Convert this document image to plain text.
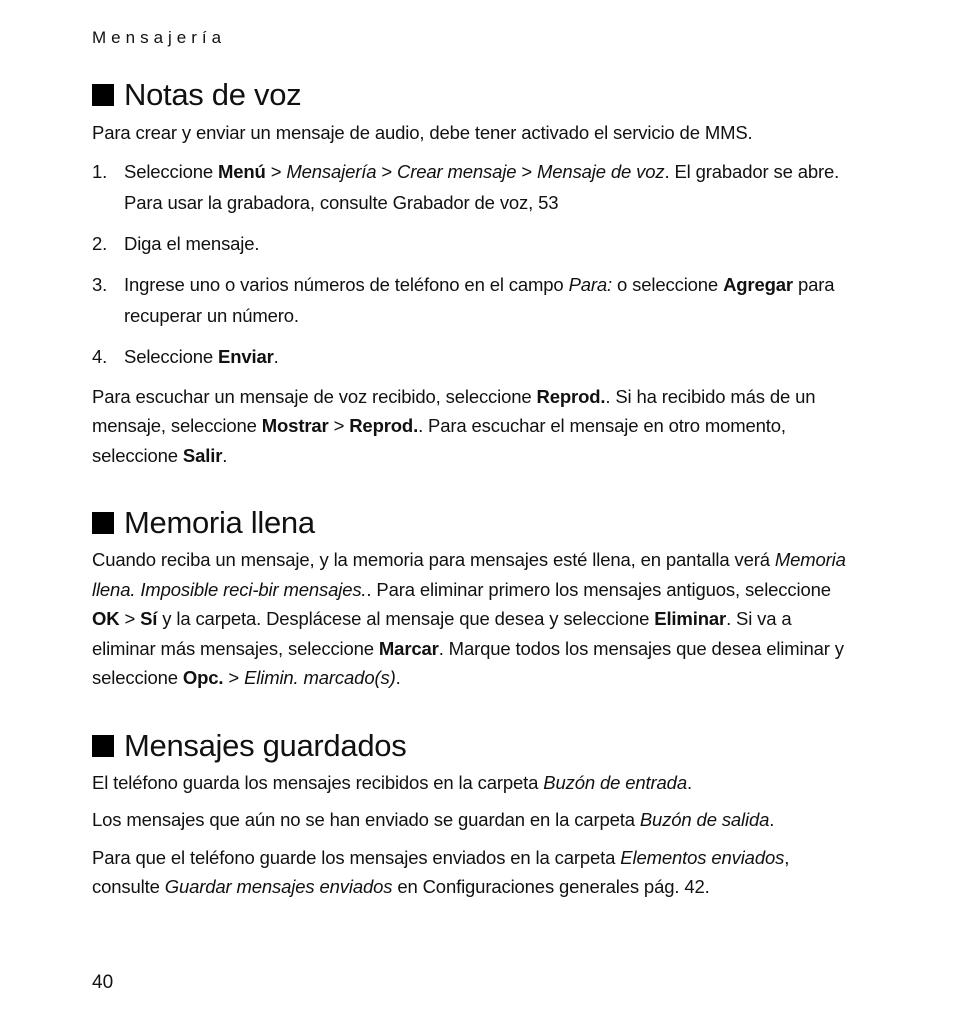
Mensajería
Notas de voz

Para crear y enviar un mensaje de audio, debe tener activado el servicio de MMS.

1. Seleccione Menú > Mensajería > Crear mensaje > Mensaje de voz. El grabador se abre. Para usar la grabadora, consulte Grabador de voz, 53
2. Diga el mensaje.
3. Ingrese uno o varios números de teléfono en el campo Para: o seleccione Agregar para recuperar un número.
4. Seleccione Enviar.

Para escuchar un mensaje de voz recibido, seleccione Reprod.. Si ha recibido más de un mensaje, seleccione Mostrar > Reprod.. Para escuchar el mensaje en otro momento, seleccione Salir.

Memoria llena

Cuando reciba un mensaje, y la memoria para mensajes esté llena, en pantalla verá Memoria llena. Imposible reci-bir mensajes.. Para eliminar primero los mensajes antiguos, seleccione OK > Sí y la carpeta. Desplácese al mensaje que desea y seleccione Eliminar. Si va a eliminar más mensajes, seleccione Marcar. Marque todos los mensajes que desea eliminar y seleccione Opc. > Elimin. marcado(s).

Mensajes guardados

El teléfono guarda los mensajes recibidos en la carpeta Buzón de entrada.

Los mensajes que aún no se han enviado se guardan en la carpeta Buzón de salida.

Para que el teléfono guarde los mensajes enviados en la carpeta Elementos enviados, consulte Guardar mensajes enviados en Configuraciones generales pág. 42.

40
